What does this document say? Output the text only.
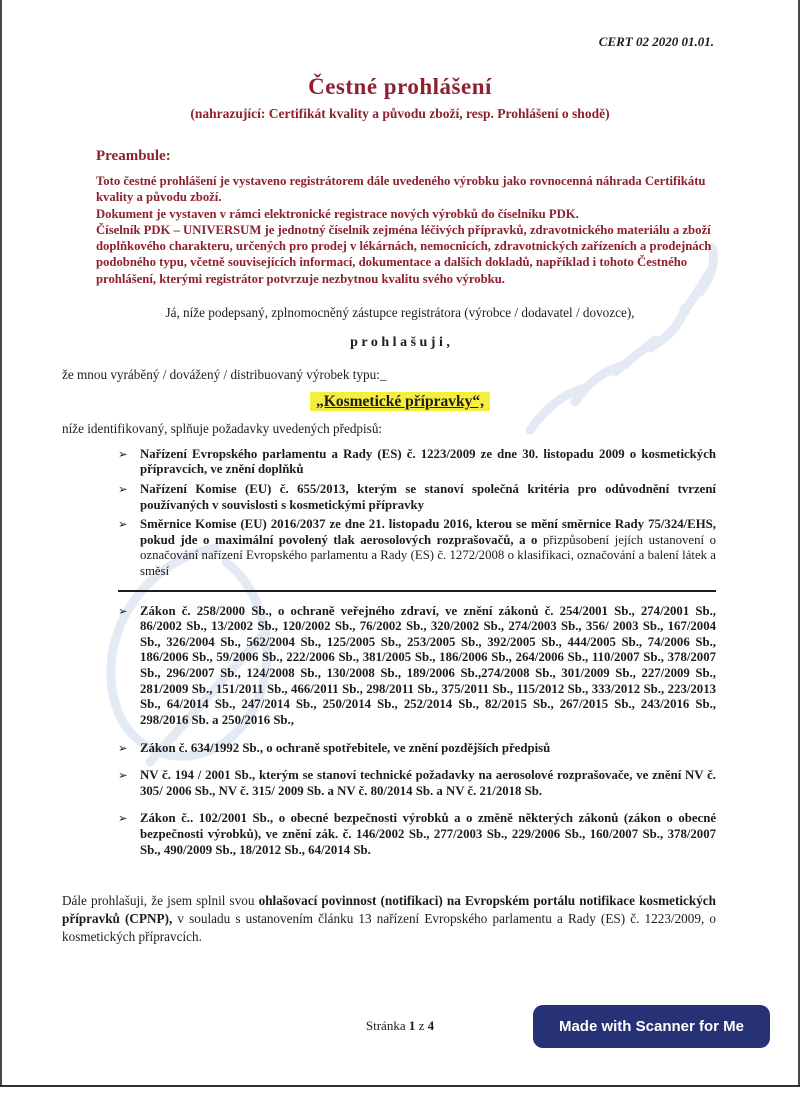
CERT 02 2020 01.01.
Čestné prohlášení
(nahrazující: Certifikát kvality a původu zboží, resp. Prohlášení o shodě)
Preambule:

Toto čestné prohlášení je vystaveno registrátorem dále uvedeného výrobku jako rovnocenná náhrada Certifikátu kvality a původu zboží.

Dokument je vystaven v rámci elektronické registrace nových výrobků do číselníku PDK.

Číselník PDK – UNIVERSUM je jednotný číselník zejména léčivých přípravků, zdravotnického materiálu a zboží doplňkového charakteru, určených pro prodej v lékárnách, nemocnicích, zdravotnických zařízeních a prodejnách podobného typu, včetně souvisejících informací, dokumentace a dalších dokladů, například i tohoto Čestného prohlášení, kterými registrátor potvrzuje nezbytnou kvalitu svého výrobku.

Já, níže podepsaný, zplnomocněný zástupce registrátora (výrobce / dodavatel / dovozce),
p r o h l a š u j i ,
že mnou vyráběný / dovážený / distribuovaný výrobek typu:_
„Kosmetické přípravky“,
níže identifikovaný, splňuje požadavky uvedených předpisů:
➢ Nařízení Evropského parlamentu a Rady (ES) č. 1223/2009 ze dne 30. listopadu 2009 o kosmetických přípravcích, ve znění doplňků
➢ Nařízení Komise (EU) č. 655/2013, kterým se stanoví společná kritéria pro odůvodnění tvrzení používaných v souvislosti s kosmetickými přípravky
➢ Směrnice Komise (EU) 2016/2037 ze dne 21. listopadu 2016, kterou se mění směrnice Rady 75/324/EHS, pokud jde o maximální povolený tlak aerosolových rozprašovačů, a o přizpůsobení jejích ustanovení o označování nařízení Evropského parlamentu a Rady (ES) č. 1272/2008 o klasifikaci, označování a balení látek a směsí
➢ Zákon č. 258/2000 Sb., o ochraně veřejného zdraví, ve znění zákonů č. 254/2001 Sb., 274/2001 Sb., 86/2002 Sb., 13/2002 Sb., 120/2002 Sb., 76/2002 Sb., 320/2002 Sb., 274/2003 Sb., 356/ 2003 Sb., 167/2004 Sb., 326/2004 Sb., 562/2004 Sb., 125/2005 Sb., 253/2005 Sb., 392/2005 Sb., 444/2005 Sb., 74/2006 Sb., 186/2006 Sb., 59/2006 Sb., 222/2006 Sb., 381/2005 Sb., 186/2006 Sb., 264/2006 Sb., 110/2007 Sb., 378/2007 Sb., 296/2007 Sb., 124/2008 Sb., 130/2008 Sb., 189/2006 Sb.,274/2008 Sb., 301/2009 Sb., 227/2009 Sb., 281/2009 Sb., 151/2011 Sb., 466/2011 Sb., 298/2011 Sb., 375/2011 Sb., 115/2012 Sb., 333/2012 Sb., 223/2013 Sb., 64/2014 Sb., 247/2014 Sb., 250/2014 Sb., 252/2014 Sb., 82/2015 Sb., 267/2015 Sb., 243/2016 Sb., 298/2016 Sb. a 250/2016 Sb.,
➢ Zákon č. 634/1992 Sb., o ochraně spotřebitele, ve znění pozdějších předpisů
➢ NV č. 194 / 2001 Sb., kterým se stanoví technické požadavky na aerosolové rozprašovače, ve znění NV č. 305/ 2006 Sb., NV č. 315/ 2009 Sb. a NV č. 80/2014 Sb. a NV č. 21/2018 Sb.
➢ Zákon č.. 102/2001 Sb., o obecné bezpečnosti výrobků a o změně některých zákonů (zákon o obecné bezpečnosti výrobků), ve znění zák. č. 146/2002 Sb., 277/2003 Sb., 229/2006 Sb., 160/2007 Sb., 378/2007 Sb., 490/2009 Sb., 18/2012 Sb., 64/2014 Sb.

Dále prohlašuji, že jsem splnil svou ohlašovací povinnost (notifikaci) na Evropském portálu notifikace kosmetických přípravků (CPNP), v souladu s ustanovením článku 13 nařízení Evropského parlamentu a Rady (ES) č. 1223/2009, o kosmetických přípravcích.

Stránka 1 z 4	Made with Scanner for Me
